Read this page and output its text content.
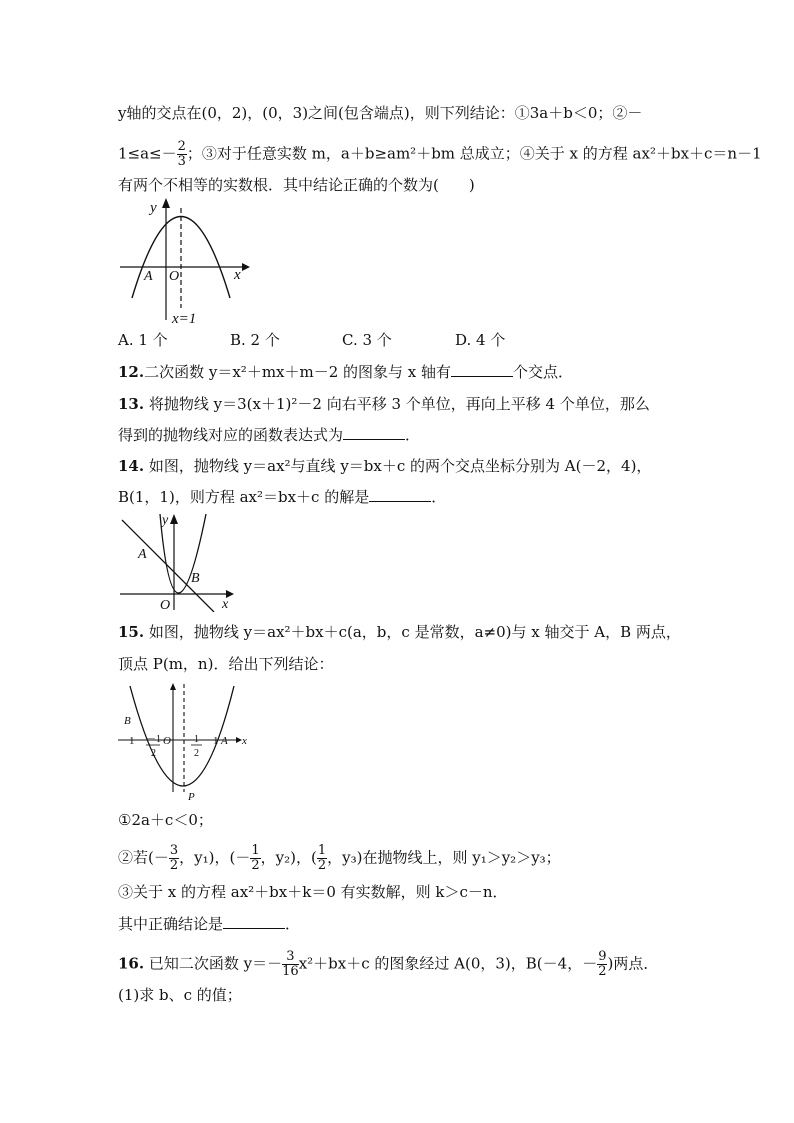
y轴的交点在(0，2)，(0，3)之间(包含端点)，则下列结论：①3a＋b＜0；②－
$1\le a\le- \frac{2}{3}$ ；③对于任意实数 m，a＋b≥am²＋bm 总成立；④关于 x 的方程 ax²＋bx＋c＝n－1
有两个不相等的实数根．其中结论正确的个数为(　　)
y
x
A O
x=1
A. 1 个	B. 2 个	C. 3 个	D. 4 个
12.二次函数 y＝x²＋mx＋m－2 的图象与 x 轴有	个交点．
13. 将抛物线 y＝3(x＋1)²－2 向右平移 3 个单位，再向上平移 4 个单位，那么
得到的抛物线对应的函数表达式为	．
14. 如图，抛物线 y＝ax²与直线 y＝bx＋c 的两个交点坐标分别为 A(－2，4)，
B(1，1)，则方程 ax²＝bx＋c 的解是	．
y
x
A
B
O
15. 如图，抛物线 y＝ax²＋bx＋c(a，b，c 是常数，a≠0)与 x 轴交于 A，B 两点，
顶点 P(m，n)．给出下列结论：
B
－1 －1
2
O 1
2
1 A x
P
①2a＋c＜0；
②若(－ $\frac{3}{2}$ ，y₁)，(－ $\frac{1}{2}$ ，y₂)，( $\frac{1}{2}$ ，y₃)在抛物线上，则 y₁＞y₂＞y₃；
③关于 x 的方程 ax²＋bx＋k＝0 有实数解，则 k＞c－n．
其中正确结论是	．
16. 已知二次函数 $y=- \frac{3}{16} x^2+bx+c$ 的图象经过 A(0，3)，B(－4，－ $\frac{9}{2}$ )两点．
(1)求 b、c 的值；
